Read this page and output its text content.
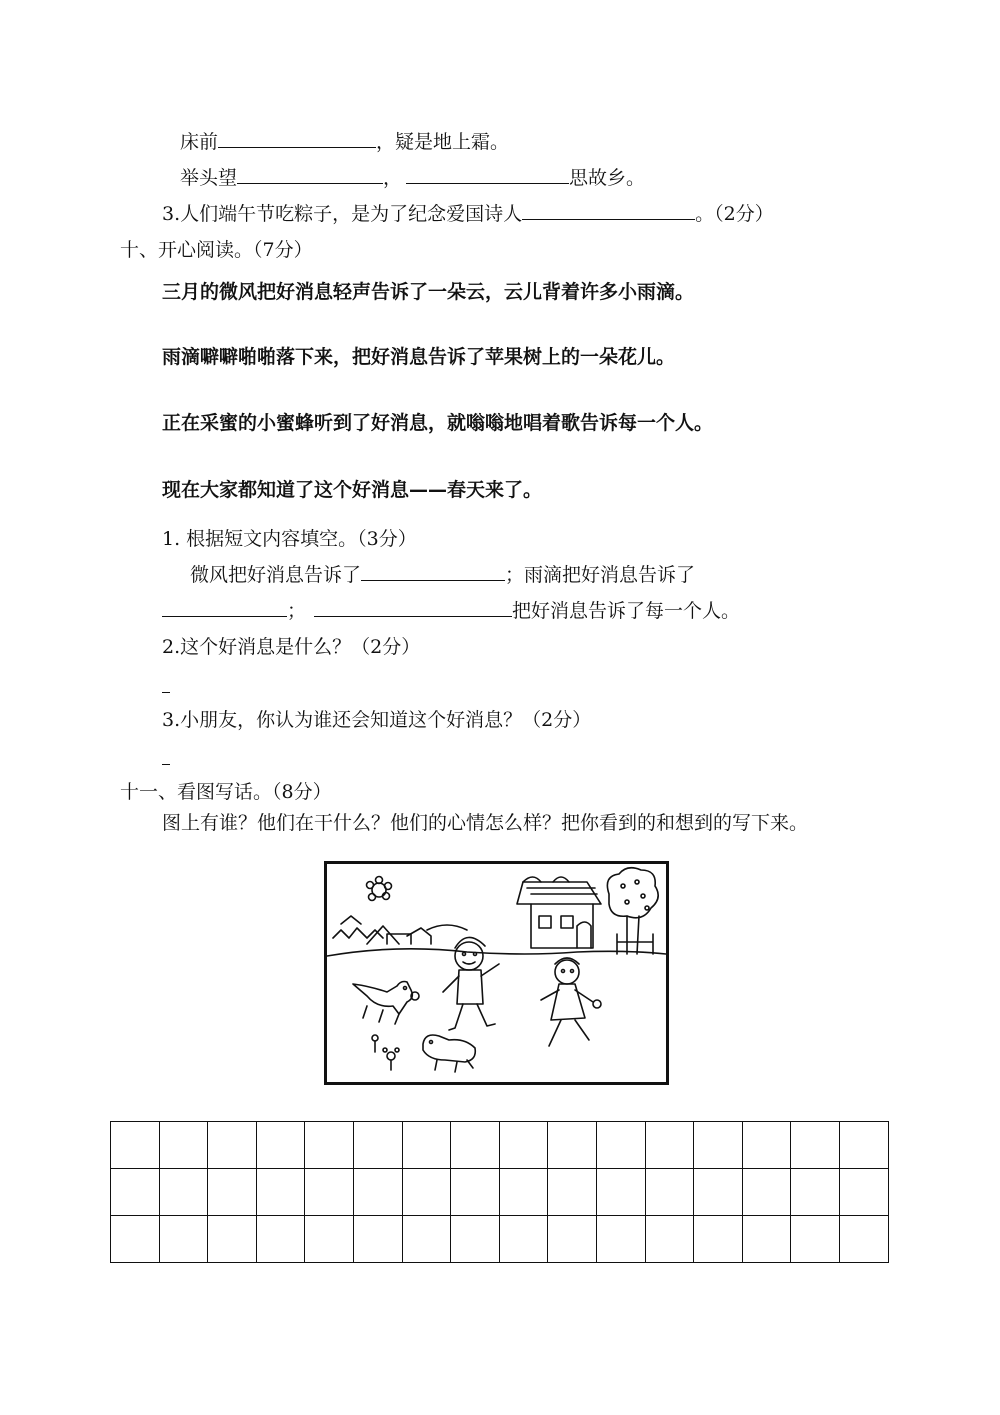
床前	，疑是地上霜。
举头望	，	思故乡。
3.人们端午节吃粽子，是为了纪念爱国诗人	。（2分）
十、开心阅读。（7分）
三月的微风把好消息轻声告诉了一朵云，云儿背着许多小雨滴。
雨滴噼噼啪啪落下来，把好消息告诉了苹果树上的一朵花儿。
正在采蜜的小蜜蜂听到了好消息，就嗡嗡地唱着歌告诉每一个人。
现在大家都知道了这个好消息——春天来了。
1. 根据短文内容填空。（3分）
微风把好消息告诉了	；雨滴把好消息告诉了
；	把好消息告诉了每一个人。
2.这个好消息是什么？（2分）
3.小朋友，你认为谁还会知道这个好消息？（2分）
十一、看图写话。（8分）
图上有谁？他们在干什么？他们的心情怎么样？把你看到的和想到的写下来。
